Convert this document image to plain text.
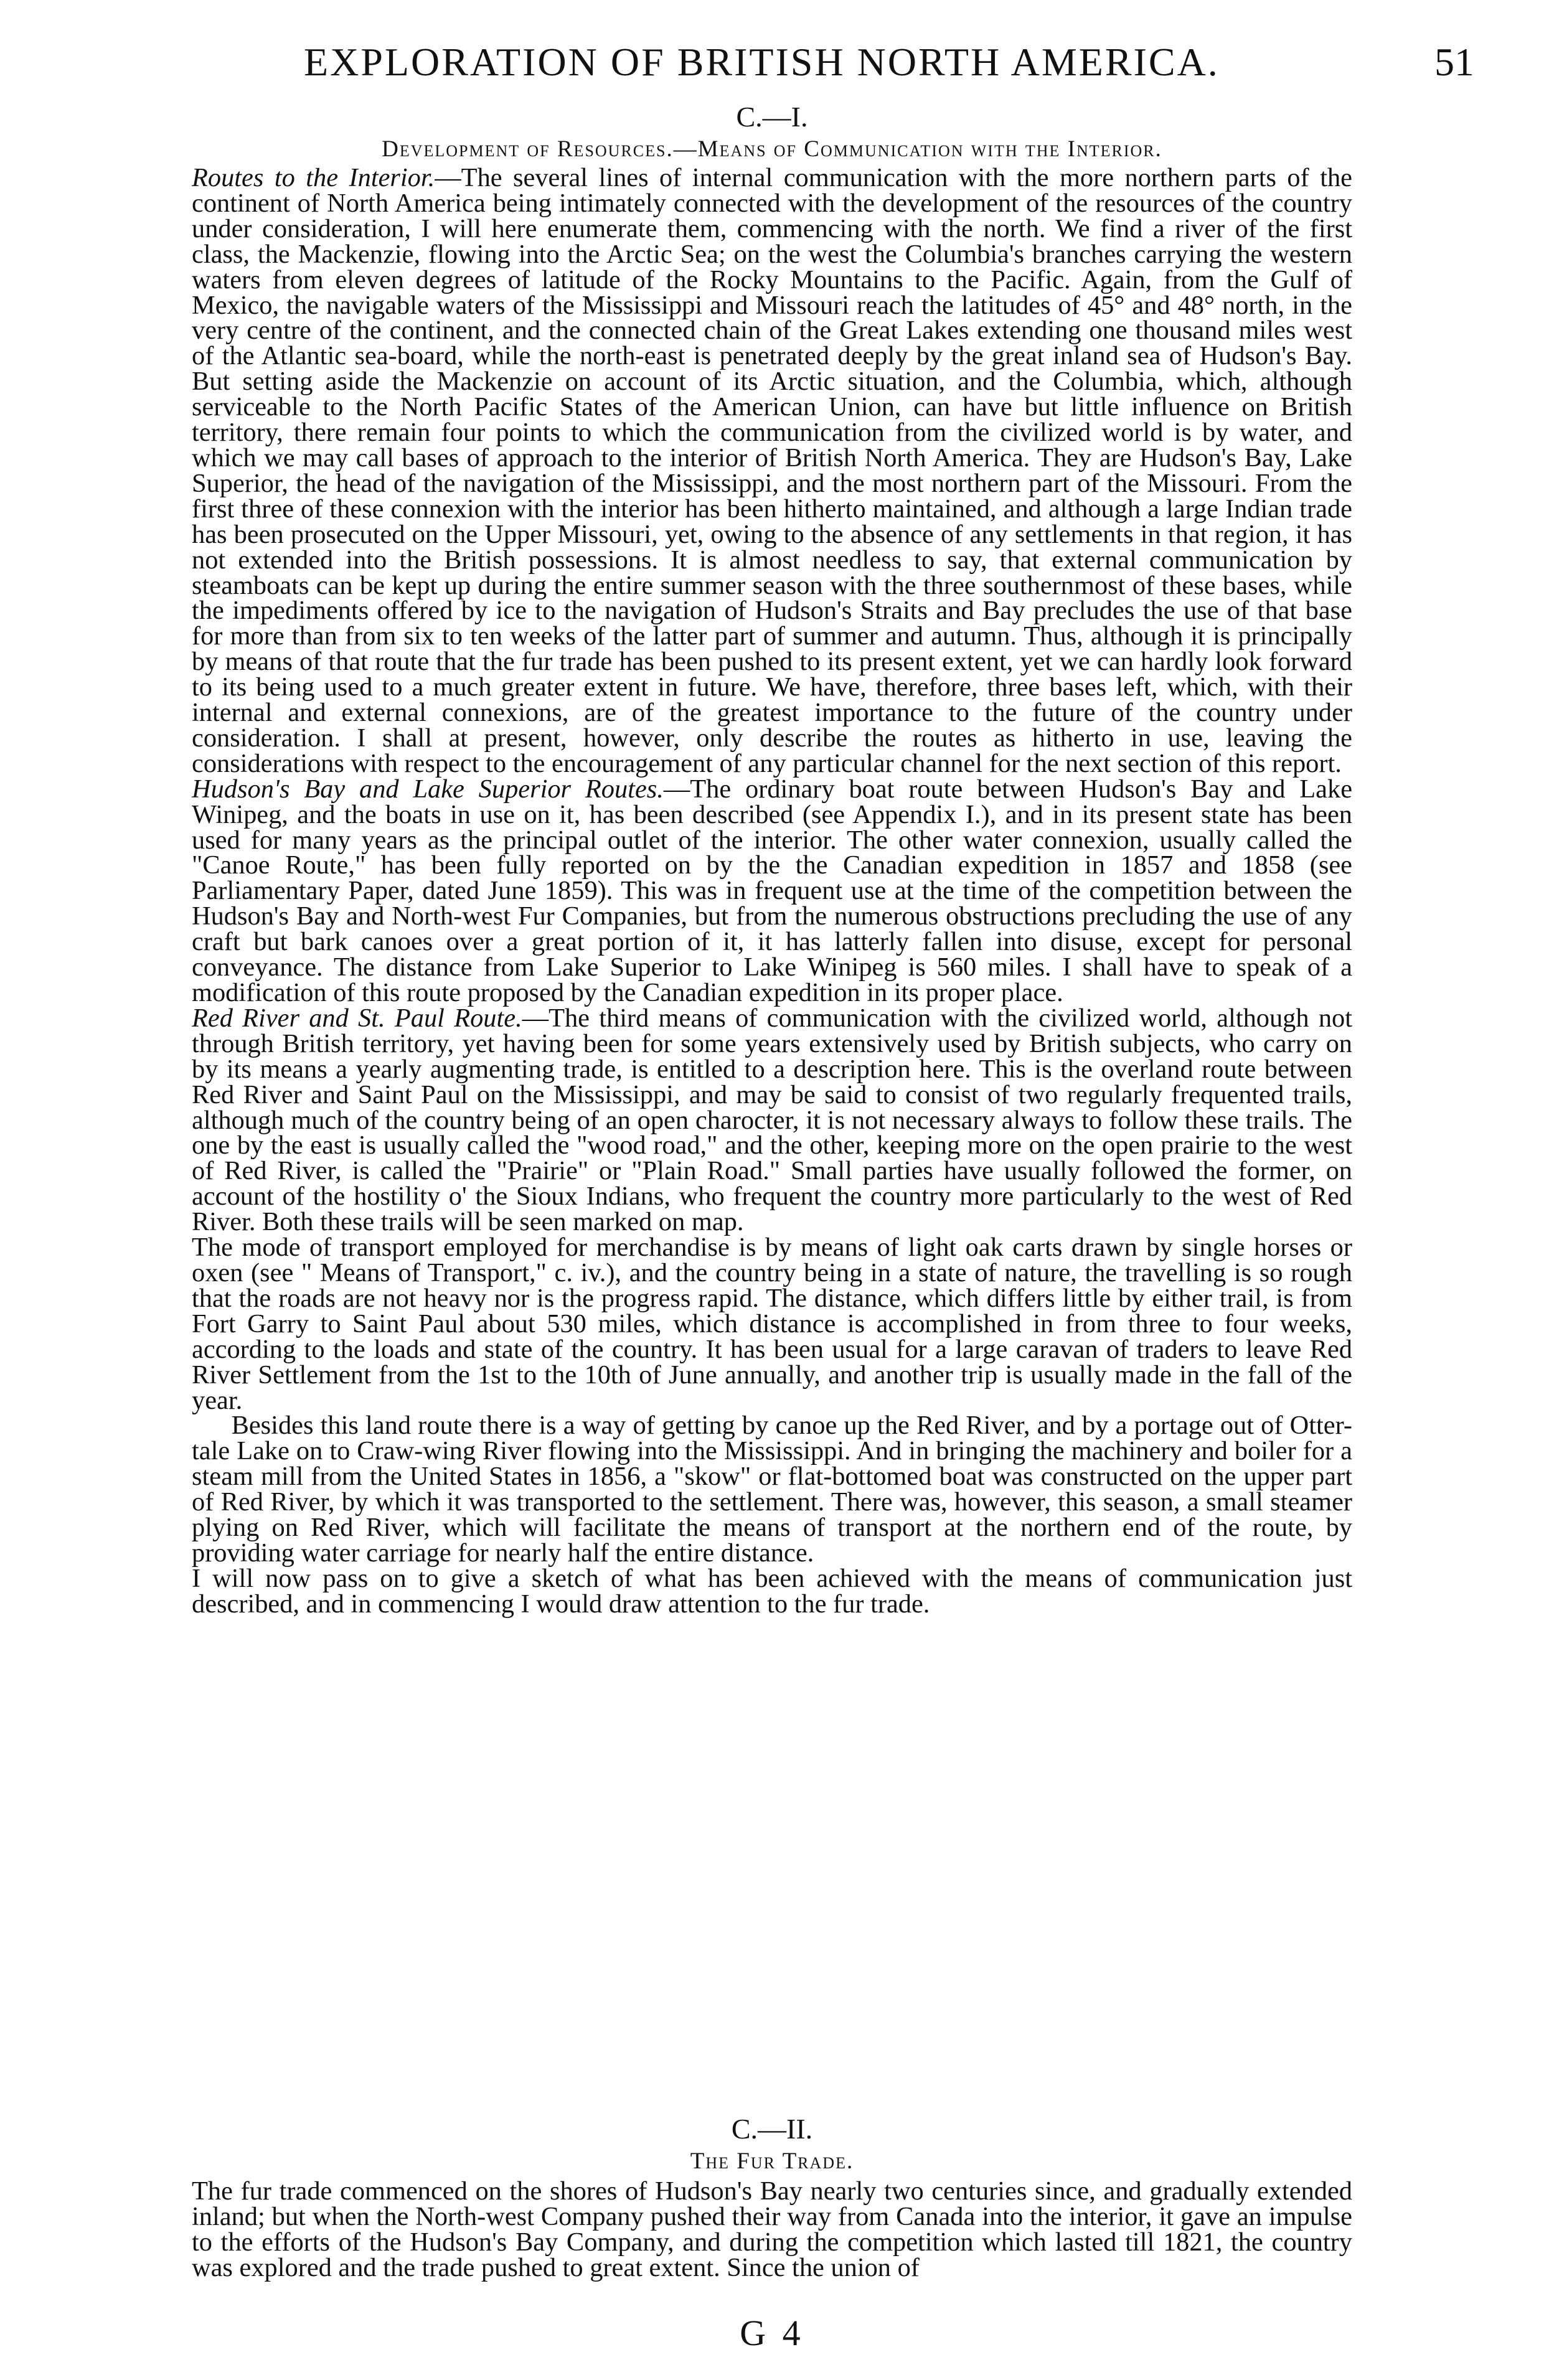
EXPLORATION OF BRITISH NORTH AMERICA.	51
C.—I.
Development of Resources.—Means of Communication with the Interior.

Routes to the Interior.—The several lines of internal communication with the more northern parts of the continent of North America being intimately connected with the development of the resources of the country under consideration, I will here enumerate them, commencing with the north. We find a river of the first class, the Mackenzie, flowing into the Arctic Sea; on the west the Columbia's branches carrying the western waters from eleven degrees of latitude of the Rocky Mountains to the Pacific. Again, from the Gulf of Mexico, the navigable waters of the Mississippi and Missouri reach the latitudes of 45° and 48° north, in the very centre of the continent, and the connected chain of the Great Lakes extending one thousand miles west of the Atlantic sea-board, while the north-east is penetrated deeply by the great inland sea of Hudson's Bay. But setting aside the Mackenzie on account of its Arctic situation, and the Columbia, which, although serviceable to the North Pacific States of the American Union, can have but little influence on British territory, there remain four points to which the communication from the civilized world is by water, and which we may call bases of approach to the interior of British North America. They are Hudson's Bay, Lake Superior, the head of the navigation of the Mississippi, and the most northern part of the Missouri. From the first three of these connexion with the interior has been hitherto maintained, and although a large Indian trade has been prosecuted on the Upper Missouri, yet, owing to the absence of any settlements in that region, it has not extended into the British possessions. It is almost needless to say, that external communication by steamboats can be kept up during the entire summer season with the three southernmost of these bases, while the impediments offered by ice to the navigation of Hudson's Straits and Bay precludes the use of that base for more than from six to ten weeks of the latter part of summer and autumn. Thus, although it is principally by means of that route that the fur trade has been pushed to its present extent, yet we can hardly look forward to its being used to a much greater extent in future. We have, therefore, three bases left, which, with their internal and external connexions, are of the greatest importance to the future of the country under consideration. I shall at present, however, only describe the routes as hitherto in use, leaving the considerations with respect to the encouragement of any particular channel for the next section of this report.

Hudson's Bay and Lake Superior Routes.—The ordinary boat route between Hudson's Bay and Lake Winipeg, and the boats in use on it, has been described (see Appendix I.), and in its present state has been used for many years as the principal outlet of the interior. The other water connexion, usually called the "Canoe Route," has been fully reported on by the the Canadian expedition in 1857 and 1858 (see Parliamentary Paper, dated June 1859). This was in frequent use at the time of the competition between the Hudson's Bay and North-west Fur Companies, but from the numerous obstructions precluding the use of any craft but bark canoes over a great portion of it, it has latterly fallen into disuse, except for personal conveyance. The distance from Lake Superior to Lake Winipeg is 560 miles. I shall have to speak of a modification of this route proposed by the Canadian expedition in its proper place.

Red River and St. Paul Route.—The third means of communication with the civilized world, although not through British territory, yet having been for some years extensively used by British subjects, who carry on by its means a yearly augmenting trade, is entitled to a description here. This is the overland route between Red River and Saint Paul on the Mississippi, and may be said to consist of two regularly frequented trails, although much of the country being of an open charocter, it is not necessary always to follow these trails. The one by the east is usually called the "wood road," and the other, keeping more on the open prairie to the west of Red River, is called the "Prairie" or "Plain Road." Small parties have usually followed the former, on account of the hostility o' the Sioux Indians, who frequent the country more particularly to the west of Red River. Both these trails will be seen marked on map.

The mode of transport employed for merchandise is by means of light oak carts drawn by single horses or oxen (see " Means of Transport," c. iv.), and the country being in a state of nature, the travelling is so rough that the roads are not heavy nor is the progress rapid. The distance, which differs little by either trail, is from Fort Garry to Saint Paul about 530 miles, which distance is accomplished in from three to four weeks, according to the loads and state of the country. It has been usual for a large caravan of traders to leave Red River Settlement from the 1st to the 10th of June annually, and another trip is usually made in the fall of the year.

Besides this land route there is a way of getting by canoe up the Red River, and by a portage out of Otter-tale Lake on to Craw-wing River flowing into the Mississippi. And in bringing the machinery and boiler for a steam mill from the United States in 1856, a "skow" or flat-bottomed boat was constructed on the upper part of Red River, by which it was transported to the settlement. There was, however, this season, a small steamer plying on Red River, which will facilitate the means of transport at the northern end of the route, by providing water carriage for nearly half the entire distance.

I will now pass on to give a sketch of what has been achieved with the means of communication just described, and in commencing I would draw attention to the fur trade.

C.—II.
The Fur Trade.

The fur trade commenced on the shores of Hudson's Bay nearly two centuries since, and gradually extended inland; but when the North-west Company pushed their way from Canada into the interior, it gave an impulse to the efforts of the Hudson's Bay Company, and during the competition which lasted till 1821, the country was explored and the trade pushed to great extent. Since the union of

G 4
